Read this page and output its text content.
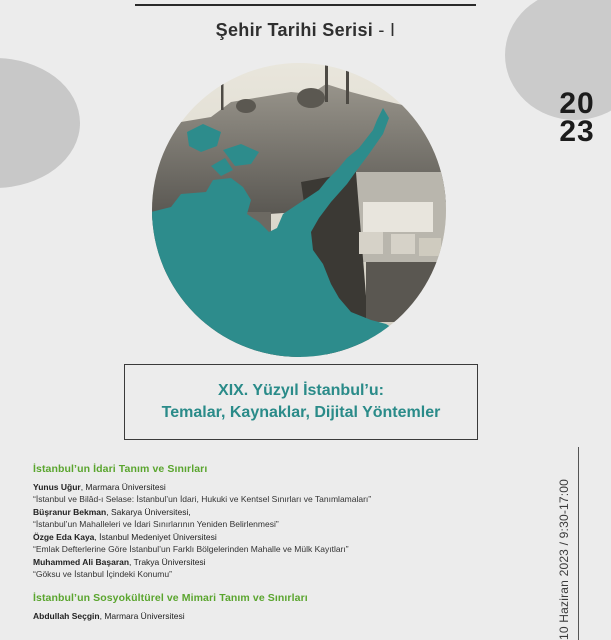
Şehir Tarihi Serisi - I
20
23
XIX. Yüzyıl İstanbul’u:
Temalar, Kaynaklar, Dijital Yöntemler
10 Haziran 2023 / 9:30-17:00
İstanbul’un İdari Tanım ve Sınırları
Yunus Uğur, Marmara Üniversitesi
“İstanbul ve Bilâd-ı Selase: İstanbul’un İdari, Hukuki ve Kentsel Sınırları ve Tanımlamaları”
Büşranur Bekman, Sakarya Üniversitesi,
“İstanbul’un Mahalleleri ve İdari Sınırlarının Yeniden Belirlenmesi”
Özge Eda Kaya, İstanbul Medeniyet Üniversitesi
“Emlak Defterlerine Göre İstanbul’un Farklı Bölgelerinden Mahalle ve Mülk Kayıtları”
Muhammed Ali Başaran, Trakya Üniversitesi
“Göksu ve İstanbul İçindeki Konumu”
İstanbul’un Sosyokültürel ve Mimari Tanım ve Sınırları
Abdullah Seçgin, Marmara Üniversitesi
